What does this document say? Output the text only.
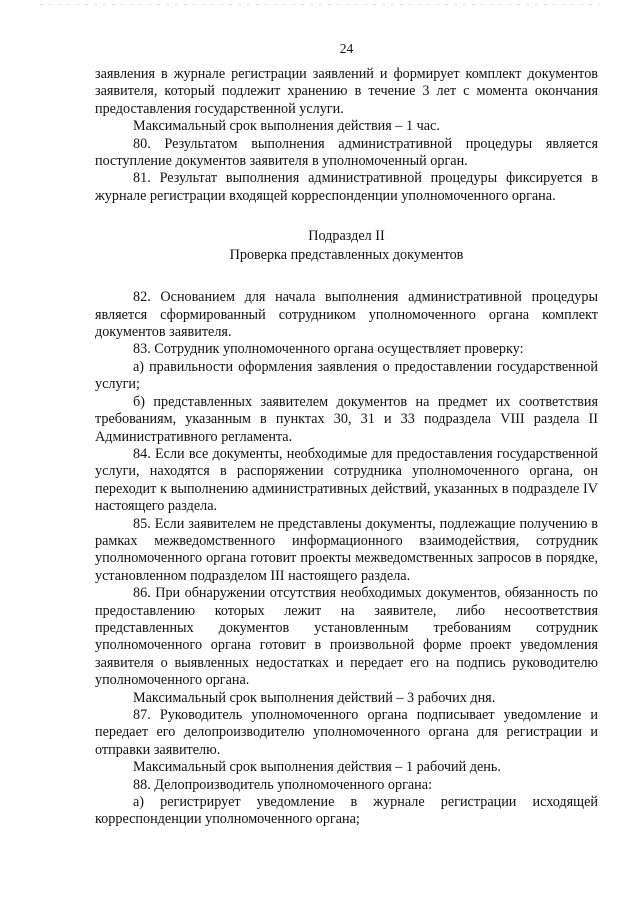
24

заявления в журнале регистрации заявлений и формирует комплект документов заявителя, который подлежит хранению в течение 3 лет с момента окончания предоставления государственной услуги.

Максимальный срок выполнения действия – 1 час.

80. Результатом выполнения административной процедуры является поступление документов заявителя в уполномоченный орган.

81. Результат выполнения административной процедуры фиксируется в журнале регистрации входящей корреспонденции уполномоченного органа.

Подраздел II
Проверка представленных документов

82. Основанием для начала выполнения административной процедуры является сформированный сотрудником уполномоченного органа комплект документов заявителя.

83. Сотрудник уполномоченного органа осуществляет проверку:

а) правильности оформления заявления о предоставлении государственной услуги;

б) представленных заявителем документов на предмет их соответствия требованиям, указанным в пунктах 30, 31 и 33 подраздела VIII раздела II Административного регламента.

84. Если все документы, необходимые для предоставления государственной услуги, находятся в распоряжении сотрудника уполномоченного органа, он переходит к выполнению административных действий, указанных в подразделе IV настоящего раздела.

85. Если заявителем не представлены документы, подлежащие получению в рамках межведомственного информационного взаимодействия, сотрудник уполномоченного органа готовит проекты межведомственных запросов в порядке, установленном подразделом III настоящего раздела.

86. При обнаружении отсутствия необходимых документов, обязанность по предоставлению которых лежит на заявителе, либо несоответствия представленных документов установленным требованиям сотрудник уполномоченного органа готовит в произвольной форме проект уведомления заявителя о выявленных недостатках и передает его на подпись руководителю уполномоченного органа.

Максимальный срок выполнения действий – 3 рабочих дня.

87. Руководитель уполномоченного органа подписывает уведомление и передает его делопроизводителю уполномоченного органа для регистрации и отправки заявителю.

Максимальный срок выполнения действия – 1 рабочий день.

88. Делопроизводитель уполномоченного органа:

а) регистрирует уведомление в журнале регистрации исходящей корреспонденции уполномоченного органа;
